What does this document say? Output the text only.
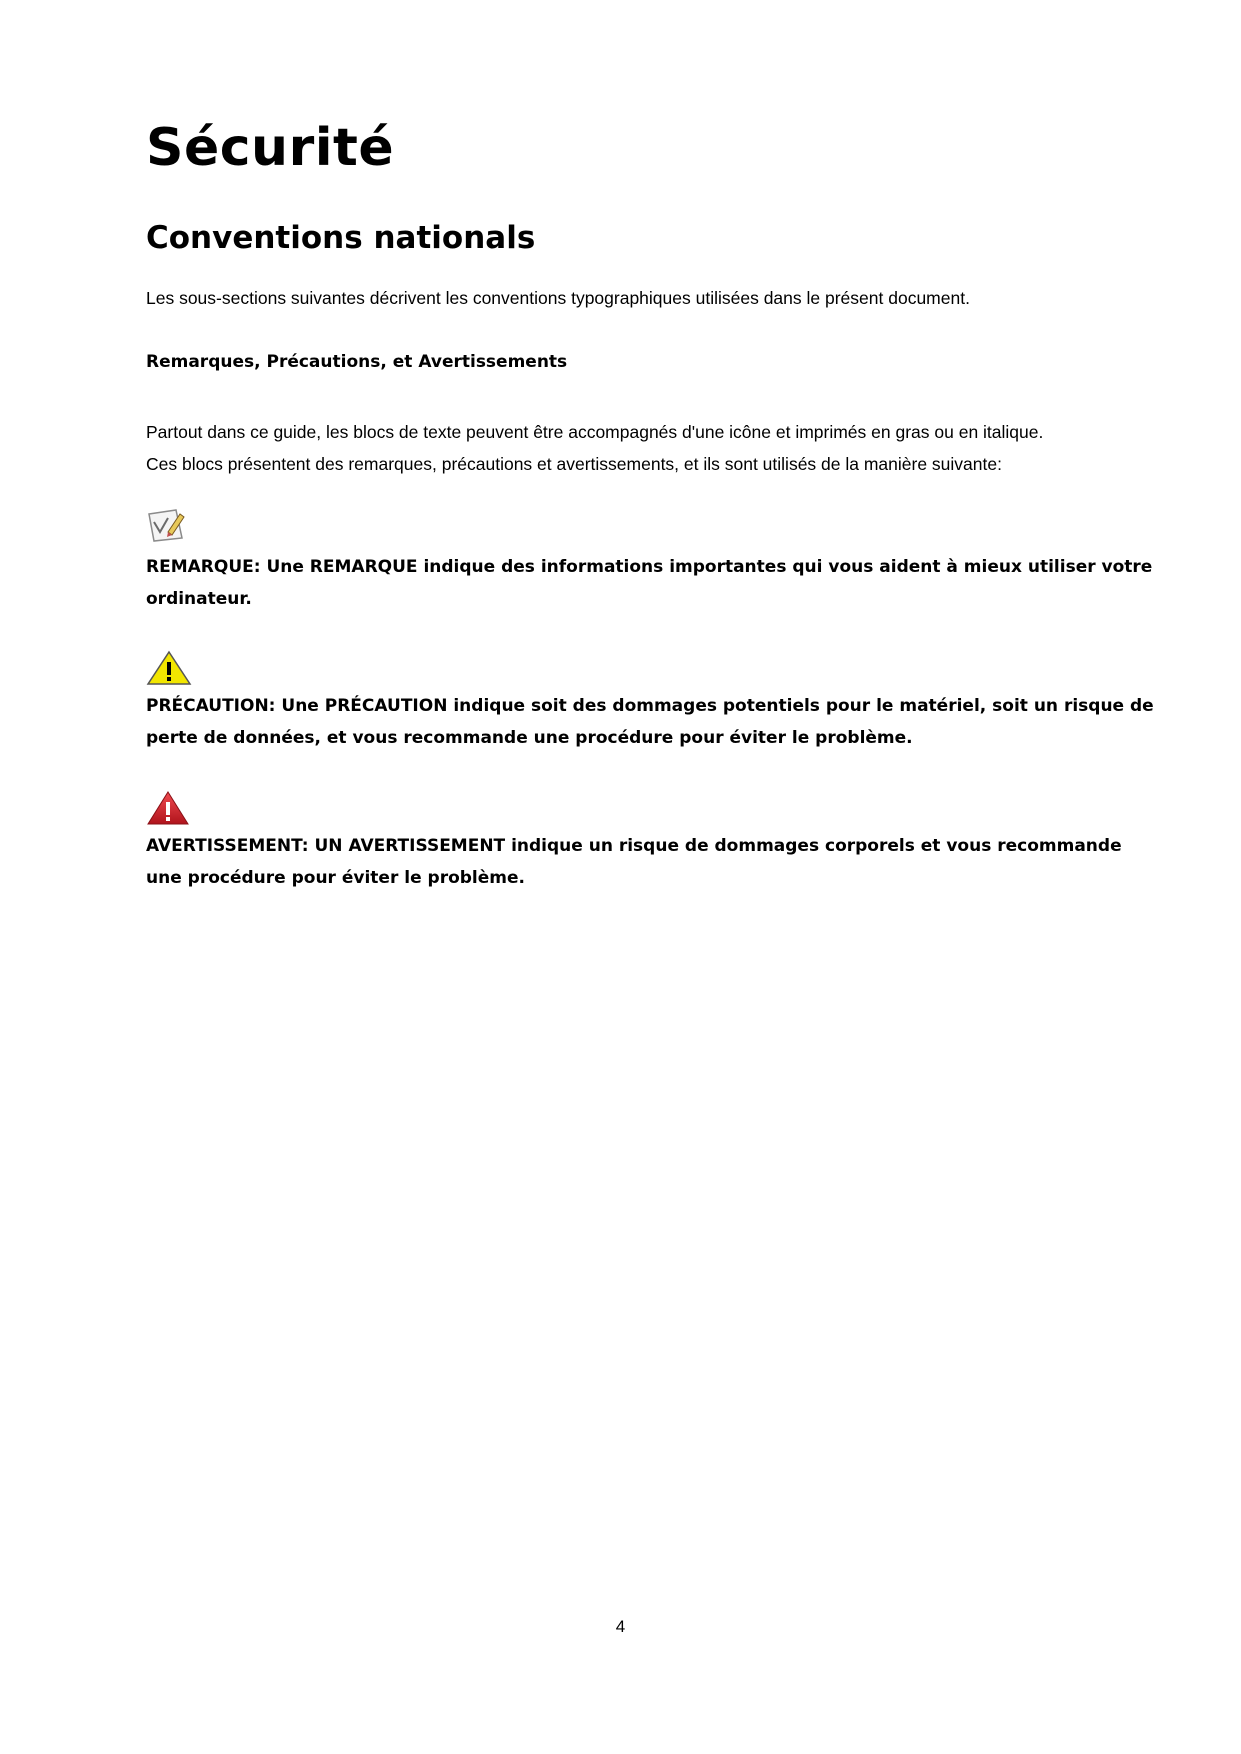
Sécurité
Conventions nationals
Les sous-sections suivantes décrivent les conventions typographiques utilisées dans le présent document.
Remarques, Précautions, et Avertissements
Partout dans ce guide, les blocs de texte peuvent être accompagnés d'une icône et imprimés en gras ou en italique.
Ces blocs présentent des remarques, précautions et avertissements, et ils sont utilisés de la manière suivante:
REMARQUE: Une REMARQUE indique des informations importantes qui vous aident à mieux utiliser votre
ordinateur.
PRÉCAUTION: Une PRÉCAUTION indique soit des dommages potentiels pour le matériel, soit un risque de
perte de données, et vous recommande une procédure pour éviter le problème.
AVERTISSEMENT: UN AVERTISSEMENT indique un risque de dommages corporels et vous recommande
une procédure pour éviter le problème.
4
